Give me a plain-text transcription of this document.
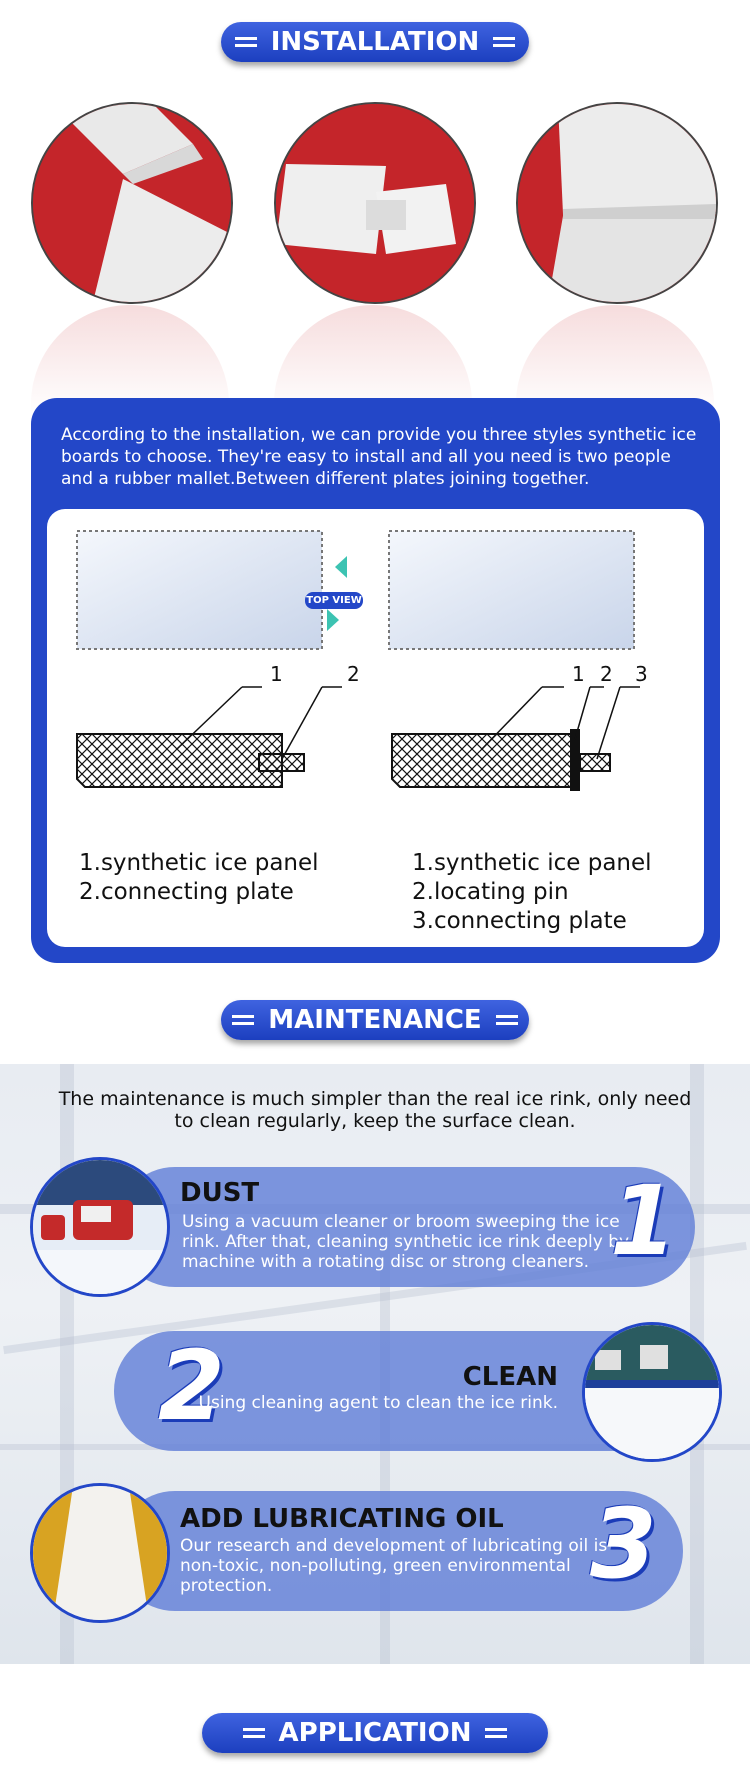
INSTALLATION
According to the installation, we can provide you three styles synthetic ice boards to choose. They're easy to install and all you need is two people and a rubber mallet.Between different plates joining together.
TOP VIEW
1	2	1 2 3
1.synthetic ice panel
2.connecting plate
1.synthetic ice panel
2.locating pin
3.connecting plate
MAINTENANCE
The maintenance is much simpler than the real ice rink, only need
to clean regularly, keep the surface clean.
DUST
Using a vacuum cleaner or broom sweeping the ice
rink. After that, cleaning synthetic ice rink deeply by
machine with a rotating disc or strong cleaners. 1
2	CLEAN
Using cleaning agent to clean the ice rink.
ADD LUBRICATING OIL
Our research and development of lubricating oil is
non-toxic, non-polluting, green environmental
protection.	3
APPLICATION
